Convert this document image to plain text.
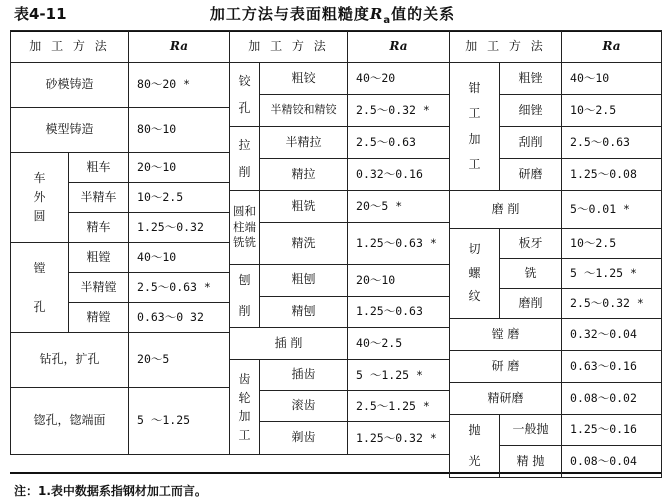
表4-11	加工方法与表面粗糙度$R_a$值的关系
加 工 方 法		Ra
砂模铸造		80～20 *
模型铸造		80～10
车外圆	粗车	20～10
	半精车	10～2.5
	精车	1.25～0.32
镗孔	粗镗	40～10
	半精镗	2.5～0.63 *
	精镗	0.63～0 32
钻孔，扩孔		20～5
锪孔，锪端面		5 ～1.25
加 工 方 法		Ra
铰孔	粗铰	40～20
	半精铰和精铰	2.5～0.32 *
拉削	半精拉	2.5～0.63
	精拉	0.32～0.16
圆和柱端铣铣	粗铣	20～5 *
	精洗	1.25～0.63 *
刨削	粗刨	20～10
	精刨	1.25～0.63
插 削		40～2.5
齿轮加工	插齿	5 ～1.25 *
	滚齿	2.5～1.25 *
	剃齿	1.25～0.32 *
加 工 方 法		Ra
钳工加工	粗锉	40～10
	细锉	10～2.5
	刮削	2.5～0.63
	研磨	1.25～0.08
磨 削		5～0.01 *
切螺纹	板牙	10～2.5
	铣	5 ～1.25 *
	磨削	2.5～0.32 *
镗 磨		0.32～0.04
研 磨		0.63～0.16
精研磨		0.08～0.02
抛光	一般抛	1.25～0.16
	精 抛	0.08～0.04
注：1.表中数据系指钢材加工而言。
